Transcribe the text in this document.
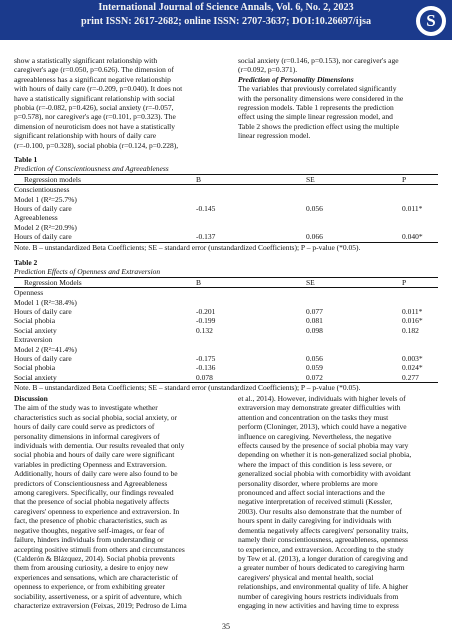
International Journal of Science Annals, Vol. 6, No. 2, 2023
print ISSN: 2617-2682; online ISSN: 2707-3637; DOI:10.26697/ijsa	S
show a statistically significant relationship with
caregiver's age (r=0.050, p=0.626). The dimension of
agreeableness has a significant negative relationship
with hours of daily care (r=-0.209, p=0.040). It does not
have a statistically significant relationship with social
phobia (r=-0.082, p=0.426), social anxiety (r=-0.057,
p=0.578), nor caregiver's age (r=0.101, p=0.323). The
dimension of neuroticism does not have a statistically
significant relationship with hours of daily care
(r=-0.100, p=0.328), social phobia (r=0.124, p=0.228),
social anxiety (r=0.146, p=0.153), nor caregiver's age
(r=0.092, p=0.371).
Prediction of Personality Dimensions
The variables that previously correlated significantly
with the personality dimensions were considered in the
regression models. Table 1 represents the prediction
effect using the simple linear regression model, and
Table 2 shows the prediction effect using the multiple
linear regression model.
Table 1
Prediction of Conscientiousness and Agreeableness
Regression models	B	SE	P
Conscientiousness
Model 1 (R²=25.7%)
Hours of daily care	-0.145	0.056	0.011*
Agreeableness
Model 2 (R²=20.9%)
Hours of daily care	-0.137	0.066	0.040*
Note. B – unstandardized Beta Coefficients; SE – standard error (unstandardized Coefficients); P – p-value (*0.05).
Table 2
Prediction Effects of Openness and Extraversion
Regression Models	B	SE	P
Openness
Model 1 (R²=38.4%)
Hours of daily care	-0.201	0.077	0.011*
Social phobia	-0.199	0.081	0.016*
Social anxiety	0.132	0.098	0.182
Extraversion
Model 2 (R²=41.4%)
Hours of daily care	-0.175	0.056	0.003*
Social phobia	-0.136	0.059	0.024*
Social anxiety	0.078	0.072	0.277
Note. B – unstandardized Beta Coefficients; SE – standard error (unstandardized Coefficients); P – p-value (*0.05).
Discussion
The aim of the study was to investigate whether
characteristics such as social phobia, social anxiety, or
hours of daily care could serve as predictors of
personality dimensions in informal caregivers of
individuals with dementia. Our results revealed that only
social phobia and hours of daily care were significant
variables in predicting Openness and Extraversion.
Additionally, hours of daily care were also found to be
predictors of Conscientiousness and Agreeableness
among caregivers. Specifically, our findings revealed
that the presence of social phobia negatively affects
caregivers' openness to experience and extraversion. In
fact, the presence of phobic characteristics, such as
negative thoughts, negative self-images, or fear of
failure, hinders individuals from understanding or
accepting positive stimuli from others and circumstances
(Calderón & Blázquez, 2014). Social phobia prevents
them from arousing curiosity, a desire to enjoy new
experiences and sensations, which are characteristic of
openness to experience, or from exhibiting greater
sociability, assertiveness, or a spirit of adventure, which
characterize extraversion (Feixas, 2019; Pedroso de Lima
et al., 2014). However, individuals with higher levels of
extraversion may demonstrate greater difficulties with
attention and concentration on the tasks they must
perform (Cloninger, 2013), which could have a negative
influence on caregiving. Nevertheless, the negative
effects caused by the presence of social phobia may vary
depending on whether it is non-generalized social phobia,
where the impact of this condition is less severe, or
generalized social phobia with comorbidity with avoidant
personality disorder, where problems are more
pronounced and affect social interactions and the
negative interpretation of received stimuli (Kessler,
2003). Our results also demonstrate that the number of
hours spent in daily caregiving for individuals with
dementia negatively affects caregivers' personality traits,
namely their conscientiousness, agreeableness, openness
to experience, and extraversion. According to the study
by Tew et al. (2013), a longer duration of caregiving and
a greater number of hours dedicated to caregiving harm
caregivers' physical and mental health, social
relationships, and environmental quality of life. A higher
number of caregiving hours restricts individuals from
engaging in new activities and having time to express
35
